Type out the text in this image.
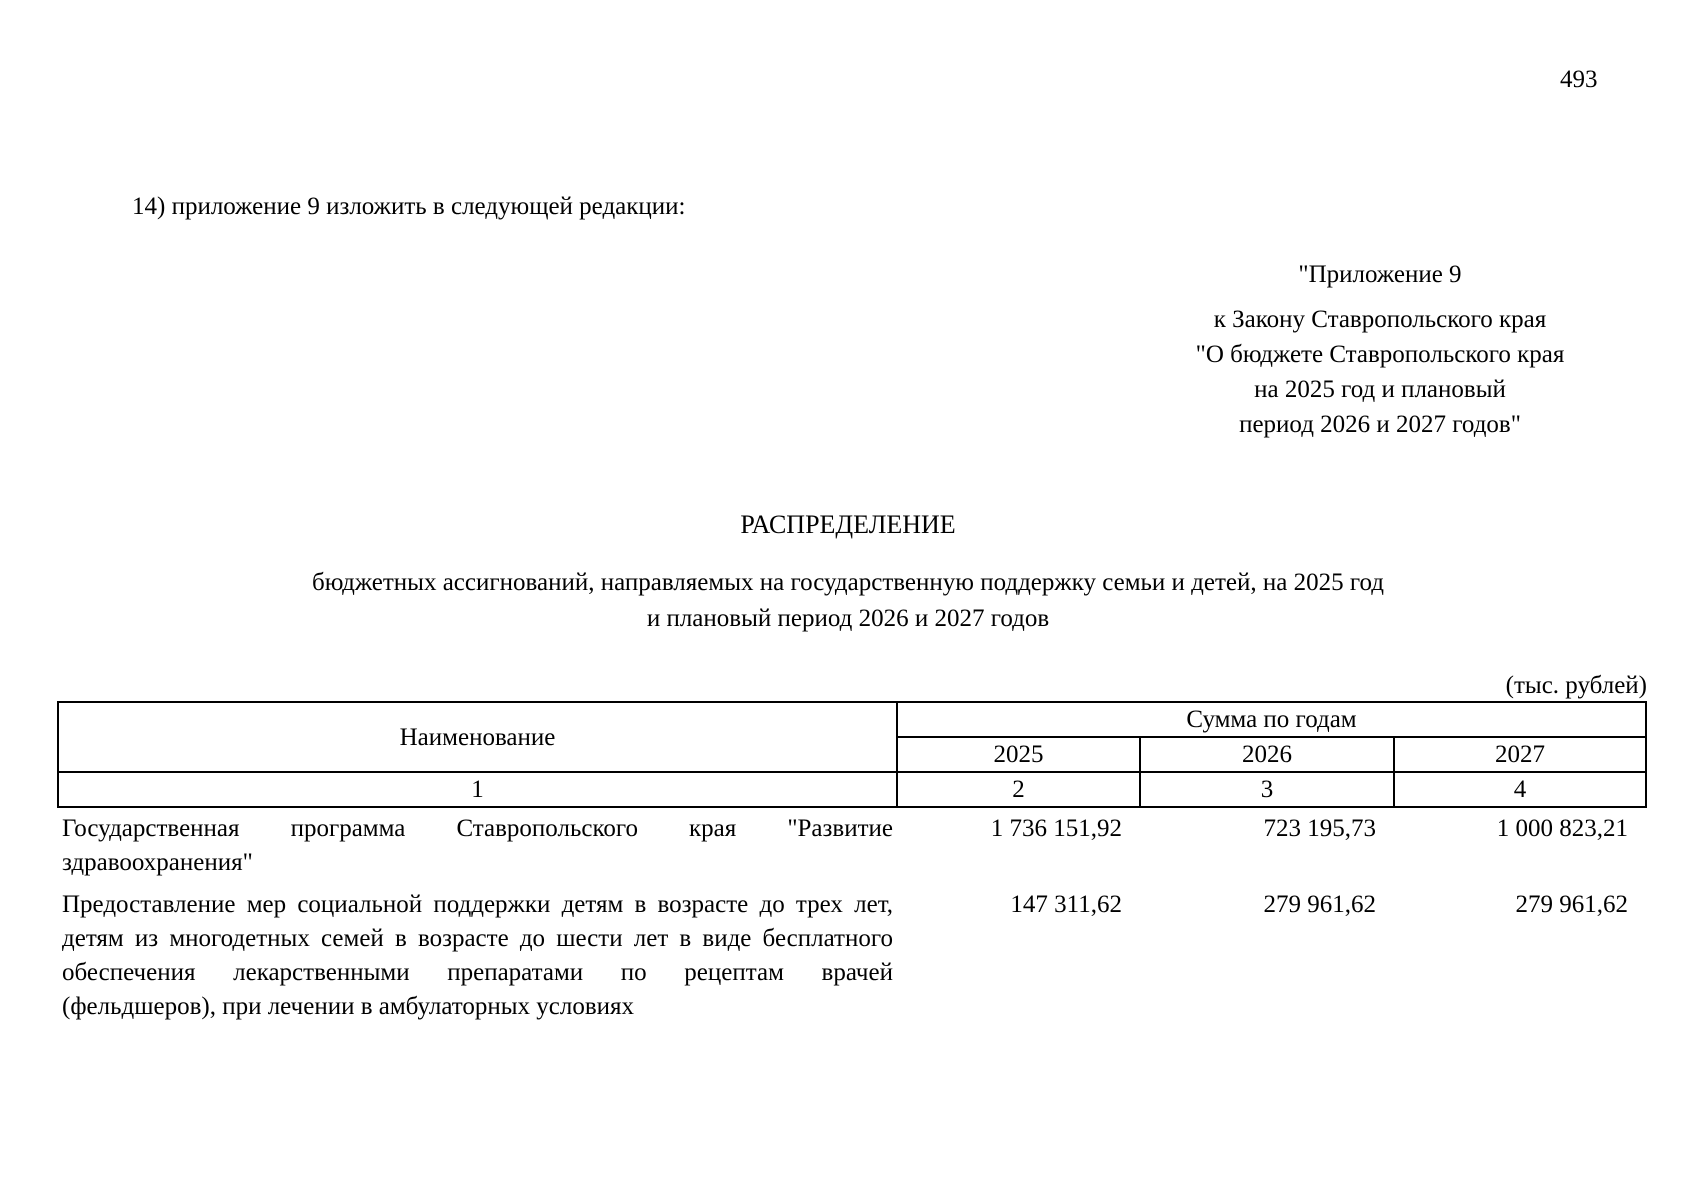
493
14) приложение 9 изложить в следующей редакции:
"Приложение 9
к Закону Ставропольского края
"О бюджете Ставропольского края
на 2025 год и плановый
период 2026 и 2027 годов"
РАСПРЕДЕЛЕНИЕ
бюджетных ассигнований, направляемых на государственную поддержку семьи и детей, на 2025 год
и плановый период 2026 и 2027 годов
(тыс. рублей)
Наименование	Сумма по годам		
	2025	2026	2027
1	2	3	4
Государственная программа Ставропольского края "Развитие здравоохранения"	1 736 151,92	723 195,73	1 000 823,21
Предоставление мер социальной поддержки детям в возрасте до трех лет, детям из многодетных семей в возрасте до шести лет в виде бесплатного обеспечения лекарственными препаратами по рецептам врачей (фельдшеров), при лечении в амбулаторных условиях	147 311,62	279 961,62	279 961,62
